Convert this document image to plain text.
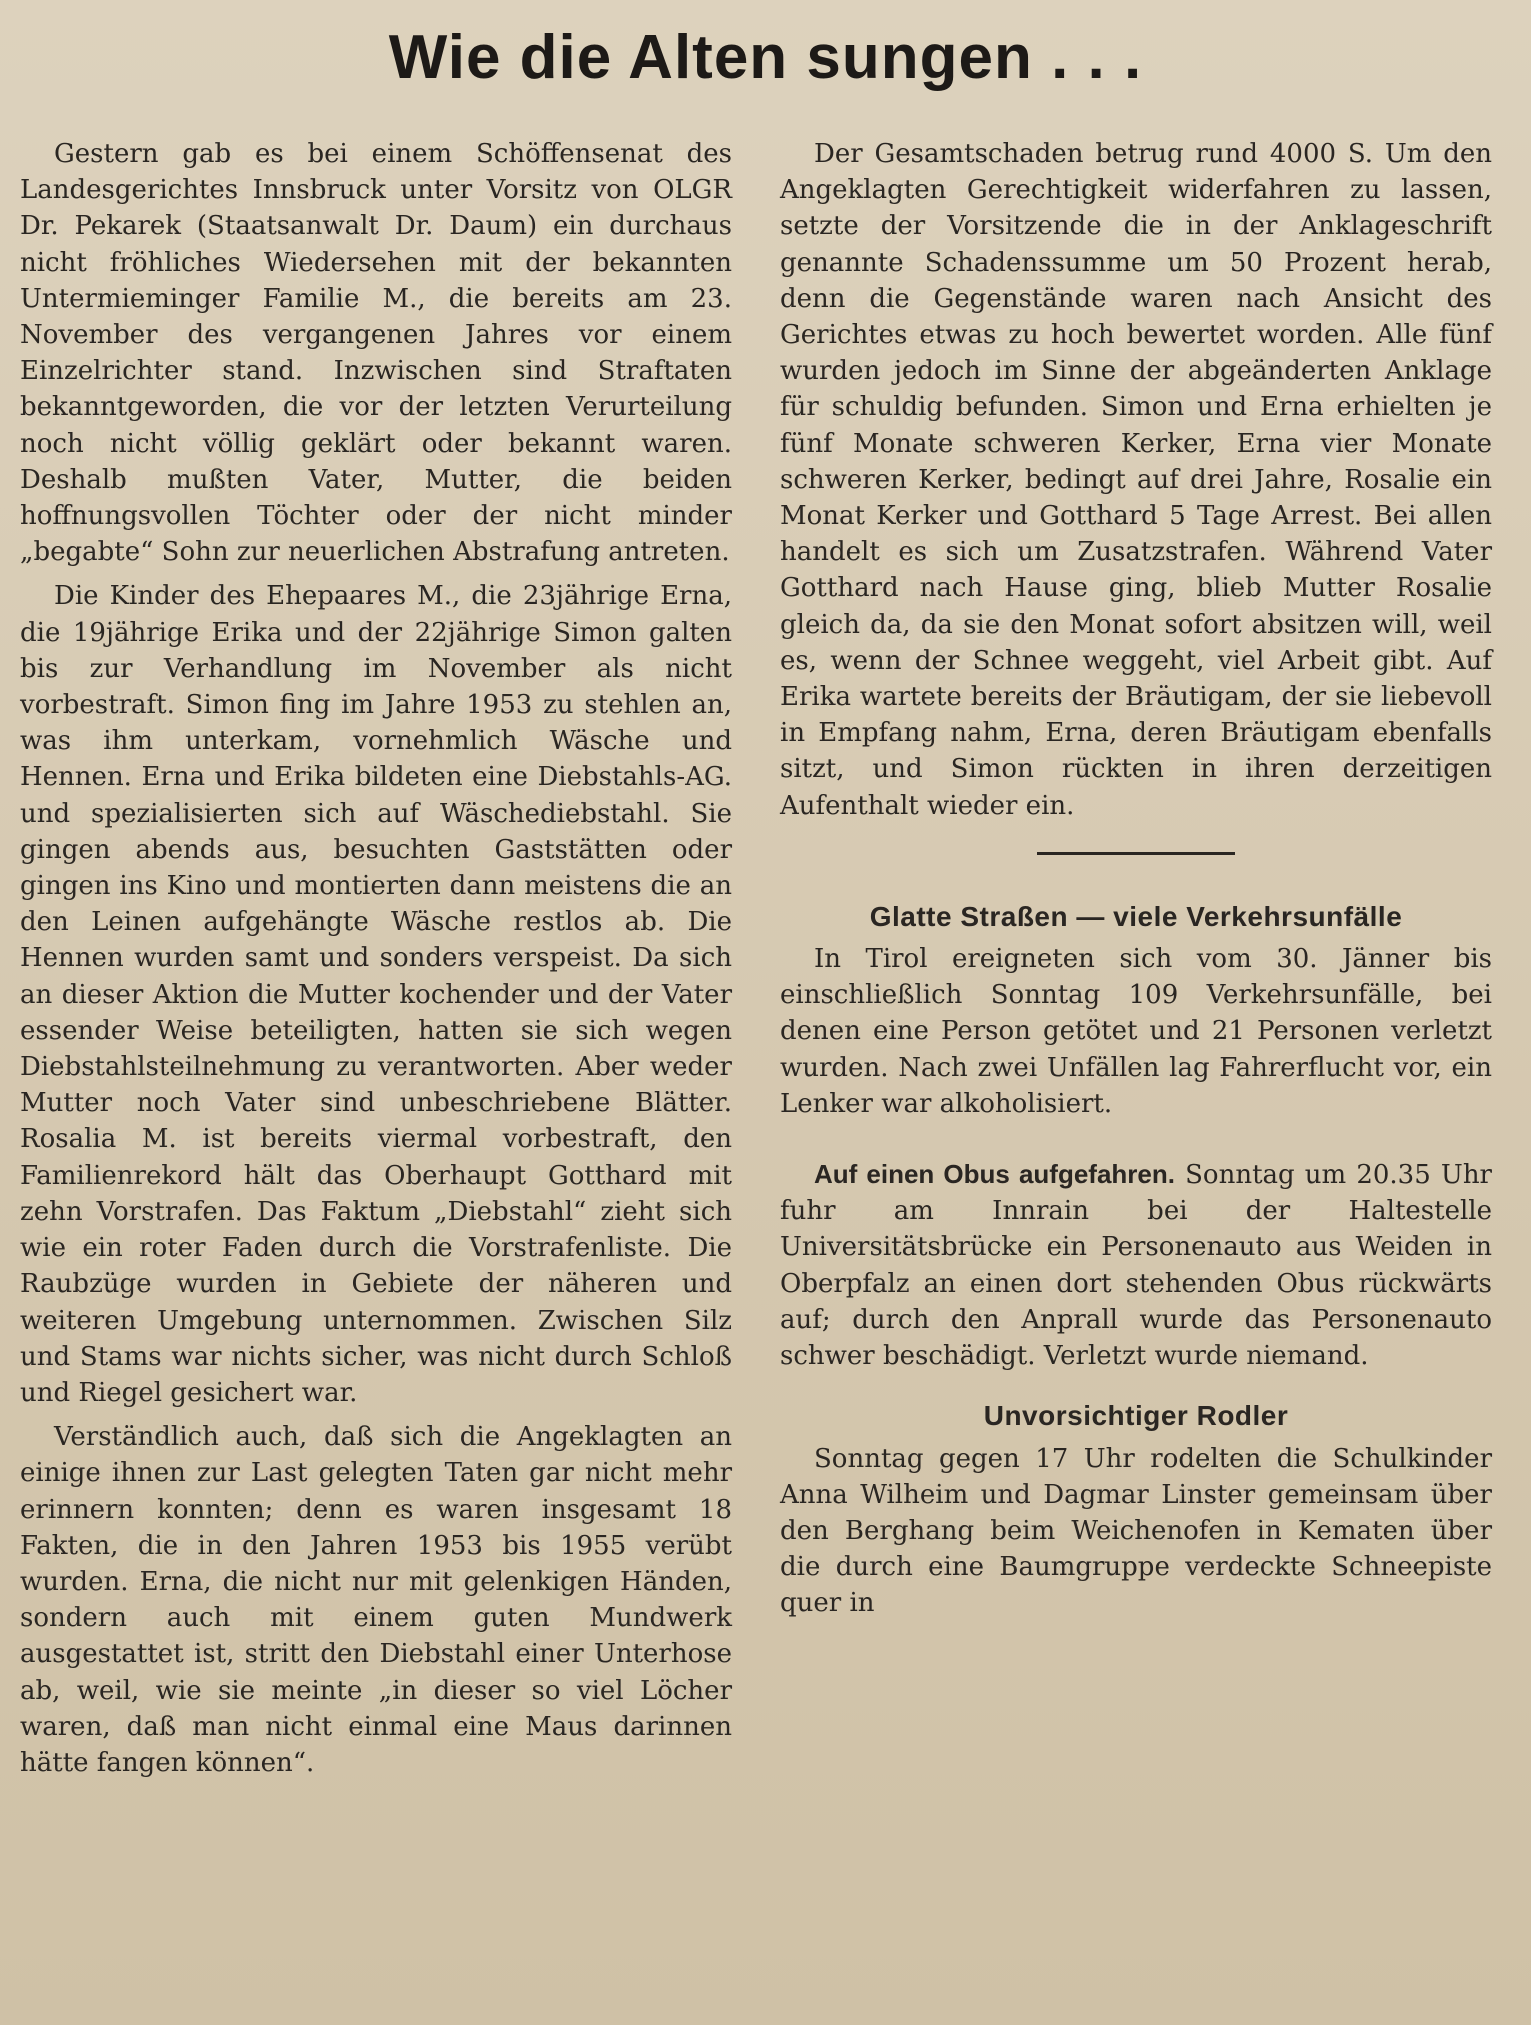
Wie die Alten sungen . . .

Gestern gab es bei einem Schöffensenat des Landesgerichtes Innsbruck unter Vorsitz von OLGR Dr. Pekarek (Staatsanwalt Dr. Daum) ein durchaus nicht fröhliches Wiedersehen mit der bekannten Untermieminger Familie M., die bereits am 23. November des vergangenen Jahres vor einem Einzelrichter stand. Inzwischen sind Straftaten bekanntgeworden, die vor der letzten Verurteilung noch nicht völlig geklärt oder bekannt waren. Deshalb mußten Vater, Mutter, die beiden hoffnungsvollen Töchter oder der nicht minder „begabte“ Sohn zur neuerlichen Abstrafung antreten.

Die Kinder des Ehepaares M., die 23jährige Erna, die 19jährige Erika und der 22jährige Simon galten bis zur Verhandlung im November als nicht vorbestraft. Simon fing im Jahre 1953 zu stehlen an, was ihm unterkam, vornehmlich Wäsche und Hennen. Erna und Erika bildeten eine Diebstahls-AG. und spezialisierten sich auf Wäschediebstahl. Sie gingen abends aus, besuchten Gaststätten oder gingen ins Kino und montierten dann meistens die an den Leinen aufgehängte Wäsche restlos ab. Die Hennen wurden samt und sonders verspeist. Da sich an dieser Aktion die Mutter kochender und der Vater essender Weise beteiligten, hatten sie sich wegen Diebstahlsteilnehmung zu verantworten. Aber weder Mutter noch Vater sind unbeschriebene Blätter. Rosalia M. ist bereits viermal vorbestraft, den Familienrekord hält das Oberhaupt Gotthard mit zehn Vorstrafen. Das Faktum „Diebstahl“ zieht sich wie ein roter Faden durch die Vorstrafenliste. Die Raubzüge wurden in Gebiete der näheren und weiteren Umgebung unternommen. Zwischen Silz und Stams war nichts sicher, was nicht durch Schloß und Riegel gesichert war.

Verständlich auch, daß sich die Angeklagten an einige ihnen zur Last gelegten Taten gar nicht mehr erinnern konnten; denn es waren insgesamt 18 Fakten, die in den Jahren 1953 bis 1955 verübt wurden. Erna, die nicht nur mit gelenkigen Händen, sondern auch mit einem guten Mundwerk ausgestattet ist, stritt den Diebstahl einer Unterhose ab, weil, wie sie meinte „in dieser so viel Löcher waren, daß man nicht einmal eine Maus darinnen hätte fangen können“.

Der Gesamtschaden betrug rund 4000 S. Um den Angeklagten Gerechtigkeit widerfahren zu lassen, setzte der Vorsitzende die in der Anklageschrift genannte Schadenssumme um 50 Prozent herab, denn die Gegenstände waren nach Ansicht des Gerichtes etwas zu hoch bewertet worden. Alle fünf wurden jedoch im Sinne der abgeänderten Anklage für schuldig befunden. Simon und Erna erhielten je fünf Monate schweren Kerker, Erna vier Monate schweren Kerker, bedingt auf drei Jahre, Rosalie ein Monat Kerker und Gotthard 5 Tage Arrest. Bei allen handelt es sich um Zusatzstrafen. Während Vater Gotthard nach Hause ging, blieb Mutter Rosalie gleich da, da sie den Monat sofort absitzen will, weil es, wenn der Schnee weggeht, viel Arbeit gibt. Auf Erika wartete bereits der Bräutigam, der sie liebevoll in Empfang nahm, Erna, deren Bräutigam ebenfalls sitzt, und Simon rückten in ihren derzeitigen Aufenthalt wieder ein.

Glatte Straßen — viele Verkehrsunfälle

In Tirol ereigneten sich vom 30. Jänner bis einschließlich Sonntag 109 Verkehrsunfälle, bei denen eine Person getötet und 21 Personen verletzt wurden. Nach zwei Unfällen lag Fahrerflucht vor, ein Lenker war alkoholisiert.

Auf einen Obus aufgefahren. Sonntag um 20.35 Uhr fuhr am Innrain bei der Haltestelle Universitätsbrücke ein Personenauto aus Weiden in Oberpfalz an einen dort stehenden Obus rückwärts auf; durch den Anprall wurde das Personenauto schwer beschädigt. Verletzt wurde niemand.

Unvorsichtiger Rodler

Sonntag gegen 17 Uhr rodelten die Schulkinder Anna Wilheim und Dagmar Linster gemeinsam über den Berghang beim Weichenofen in Kematen über die durch eine Baumgruppe verdeckte Schneepiste quer in
